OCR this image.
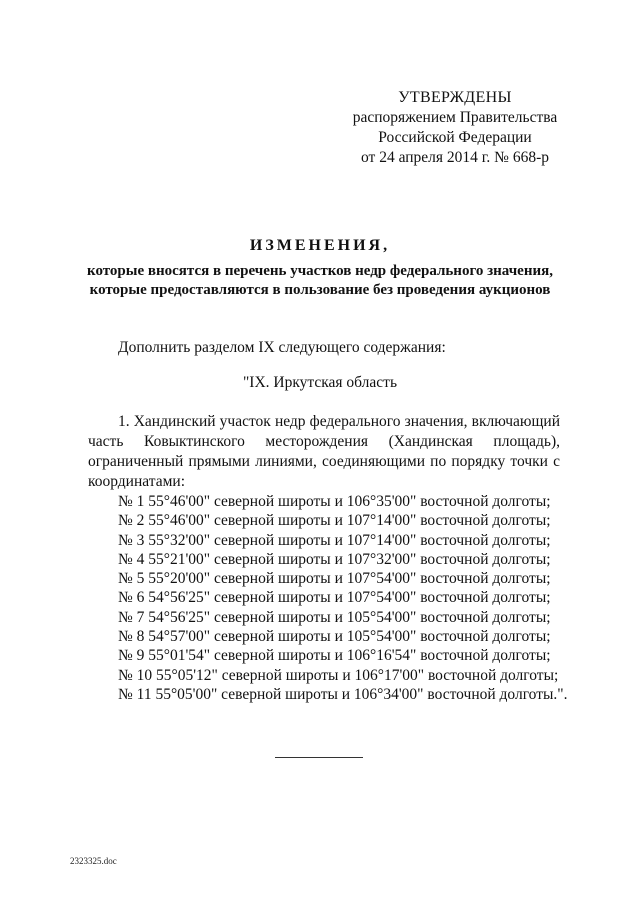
УТВЕРЖДЕНЫ
распоряжением Правительства
Российской Федерации
от 24 апреля 2014 г. № 668-р
ИЗМЕНЕНИЯ,
которые вносятся в перечень участков недр федерального значения,
которые предоставляются в пользование без проведения аукционов
Дополнить разделом IX следующего содержания:
"IX. Иркутская область
1. Хандинский участок недр федерального значения, включающий
часть Ковыктинского месторождения (Хандинская площадь),
ограниченный прямыми линиями, соединяющими по порядку точки с
координатами:
№ 1 55°46'00" северной широты и 106°35'00" восточной долготы;
№ 2 55°46'00" северной широты и 107°14'00" восточной долготы;
№ 3 55°32'00" северной широты и 107°14'00" восточной долготы;
№ 4 55°21'00" северной широты и 107°32'00" восточной долготы;
№ 5 55°20'00" северной широты и 107°54'00" восточной долготы;
№ 6 54°56'25" северной широты и 107°54'00" восточной долготы;
№ 7 54°56'25" северной широты и 105°54'00" восточной долготы;
№ 8 54°57'00" северной широты и 105°54'00" восточной долготы;
№ 9 55°01'54" северной широты и 106°16'54" восточной долготы;
№ 10 55°05'12" северной широты и 106°17'00" восточной долготы;
№ 11 55°05'00" северной широты и 106°34'00" восточной долготы.".
2323325.doc
